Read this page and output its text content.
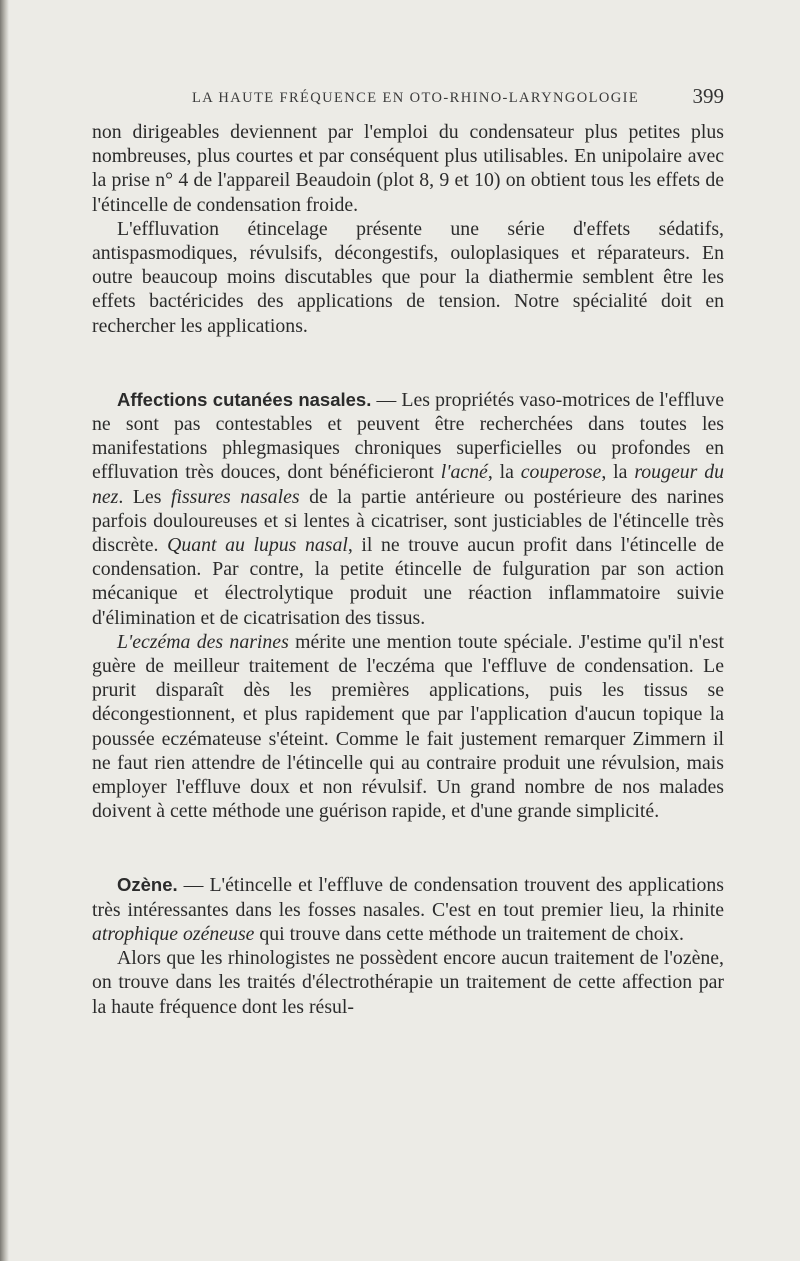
LA HAUTE FRÉQUENCE EN OTO-RHINO-LARYNGOLOGIE	399

non dirigeables deviennent par l'emploi du condensateur plus petites plus nombreuses, plus courtes et par conséquent plus utilisables. En unipolaire avec la prise n° 4 de l'appareil Beaudoin (plot 8, 9 et 10) on obtient tous les effets de l'étincelle de condensation froide.

L'effluvation étincelage présente une série d'effets sédatifs, antispasmodiques, révulsifs, décongestifs, ouloplasiques et réparateurs. En outre beaucoup moins discutables que pour la diathermie semblent être les effets bactéricides des applications de tension. Notre spécialité doit en rechercher les applications.

Affections cutanées nasales. — Les propriétés vaso-motrices de l'effluve ne sont pas contestables et peuvent être recherchées dans toutes les manifestations phlegmasiques chroniques superficielles ou profondes en effluvation très douces, dont bénéficieront l'acné, la couperose, la rougeur du nez. Les fissures nasales de la partie antérieure ou postérieure des narines parfois douloureuses et si lentes à cicatriser, sont justiciables de l'étincelle très discrète. Quant au lupus nasal, il ne trouve aucun profit dans l'étincelle de condensation. Par contre, la petite étincelle de fulguration par son action mécanique et électrolytique produit une réaction inflammatoire suivie d'élimination et de cicatrisation des tissus.

L'eczéma des narines mérite une mention toute spéciale. J'estime qu'il n'est guère de meilleur traitement de l'eczéma que l'effluve de condensation. Le prurit disparaît dès les premières applications, puis les tissus se décongestionnent, et plus rapidement que par l'application d'aucun topique la poussée eczémateuse s'éteint. Comme le fait justement remarquer Zimmern il ne faut rien attendre de l'étincelle qui au contraire produit une révulsion, mais employer l'effluve doux et non révulsif. Un grand nombre de nos malades doivent à cette méthode une guérison rapide, et d'une grande simplicité.

Ozène. — L'étincelle et l'effluve de condensation trouvent des applications très intéressantes dans les fosses nasales. C'est en tout premier lieu, la rhinite atrophique ozéneuse qui trouve dans cette méthode un traitement de choix.

Alors que les rhinologistes ne possèdent encore aucun traitement de l'ozène, on trouve dans les traités d'électrothérapie un traitement de cette affection par la haute fréquence dont les résul-
